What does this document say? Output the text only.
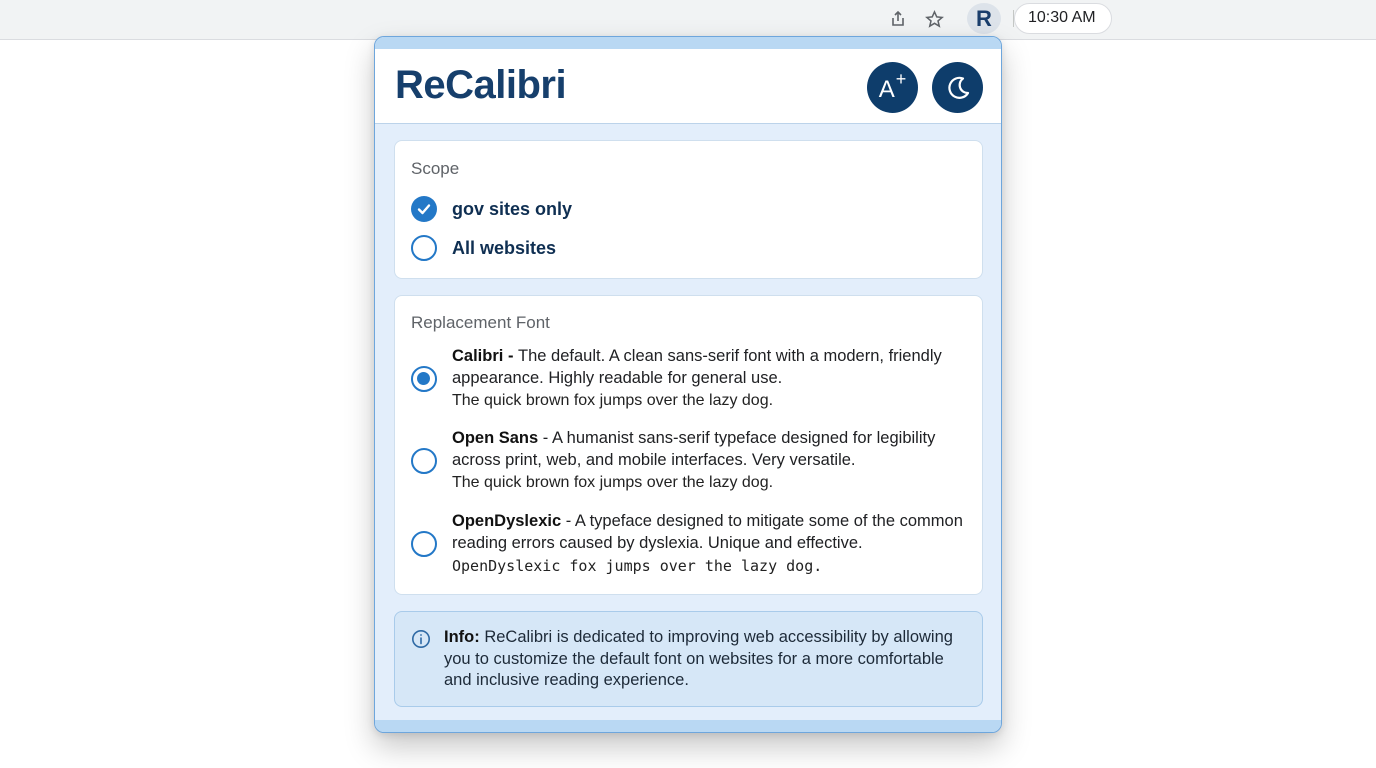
R	10:30 AM
ReCalibri	A+
Scope
gov sites only
All websites
Replacement Font
Calibri - The default. A clean sans-serif font with a modern, friendly appearance. Highly readable for general use.
The quick brown fox jumps over the lazy dog.
Open Sans - A humanist sans-serif typeface designed for legibility across print, web, and mobile interfaces. Very versatile.
The quick brown fox jumps over the lazy dog.
OpenDyslexic - A typeface designed to mitigate some of the common reading errors caused by dyslexia. Unique and effective.
OpenDyslexic fox jumps over the lazy dog.
Info: ReCalibri is dedicated to improving web accessibility by allowing you to customize the default font on websites for a more comfortable and inclusive reading experience.
